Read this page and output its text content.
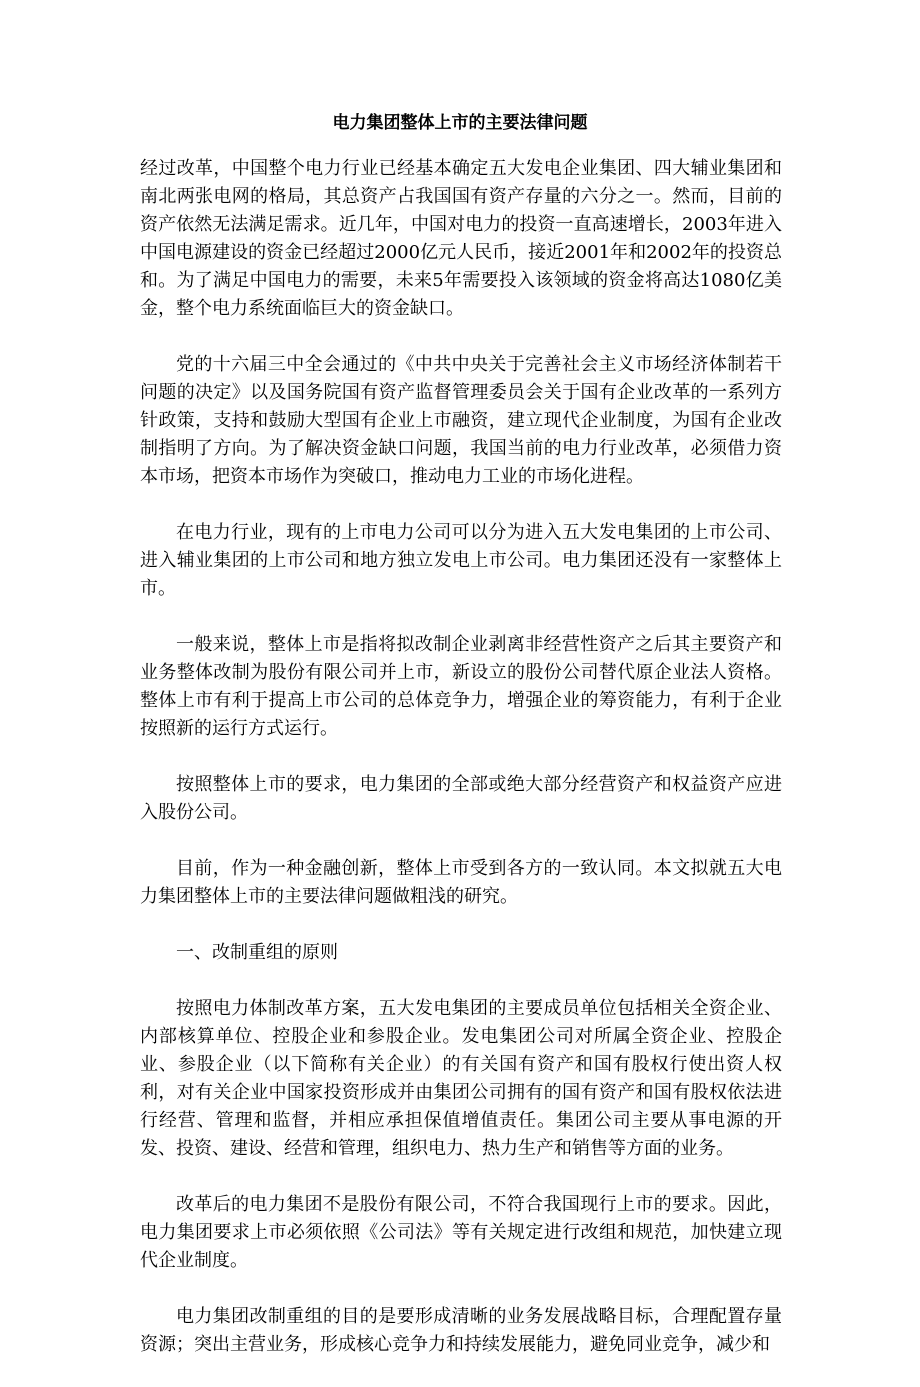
电力集团整体上市的主要法律问题

经过改革，中国整个电力行业已经基本确定五大发电企业集团、四大辅业集团和南北两张电网的格局，其总资产占我国国有资产存量的六分之一。然而，目前的资产依然无法满足需求。近几年，中国对电力的投资一直高速增长，2003年进入中国电源建设的资金已经超过2000亿元人民币，接近2001年和2002年的投资总和。为了满足中国电力的需要，未来5年需要投入该领域的资金将高达1080亿美金，整个电力系统面临巨大的资金缺口。

党的十六届三中全会通过的《中共中央关于完善社会主义市场经济体制若干问题的决定》以及国务院国有资产监督管理委员会关于国有企业改革的一系列方针政策，支持和鼓励大型国有企业上市融资，建立现代企业制度，为国有企业改制指明了方向。为了解决资金缺口问题，我国当前的电力行业改革，必须借力资本市场，把资本市场作为突破口，推动电力工业的市场化进程。

在电力行业，现有的上市电力公司可以分为进入五大发电集团的上市公司、进入辅业集团的上市公司和地方独立发电上市公司。电力集团还没有一家整体上市。

一般来说，整体上市是指将拟改制企业剥离非经营性资产之后其主要资产和业务整体改制为股份有限公司并上市，新设立的股份公司替代原企业法人资格。整体上市有利于提高上市公司的总体竞争力，增强企业的筹资能力，有利于企业按照新的运行方式运行。

按照整体上市的要求，电力集团的全部或绝大部分经营资产和权益资产应进入股份公司。

目前，作为一种金融创新，整体上市受到各方的一致认同。本文拟就五大电力集团整体上市的主要法律问题做粗浅的研究。

一、改制重组的原则

按照电力体制改革方案，五大发电集团的主要成员单位包括相关全资企业、内部核算单位、控股企业和参股企业。发电集团公司对所属全资企业、控股企业、参股企业（以下简称有关企业）的有关国有资产和国有股权行使出资人权利，对有关企业中国家投资形成并由集团公司拥有的国有资产和国有股权依法进行经营、管理和监督，并相应承担保值增值责任。集团公司主要从事电源的开发、投资、建设、经营和管理，组织电力、热力生产和销售等方面的业务。

改革后的电力集团不是股份有限公司，不符合我国现行上市的要求。因此，电力集团要求上市必须依照《公司法》等有关规定进行改组和规范，加快建立现代企业制度。

电力集团改制重组的目的是要形成清晰的业务发展战略目标，合理配置存量资源；突出主营业务，形成核心竞争力和持续发展能力，避免同业竞争，减少和
